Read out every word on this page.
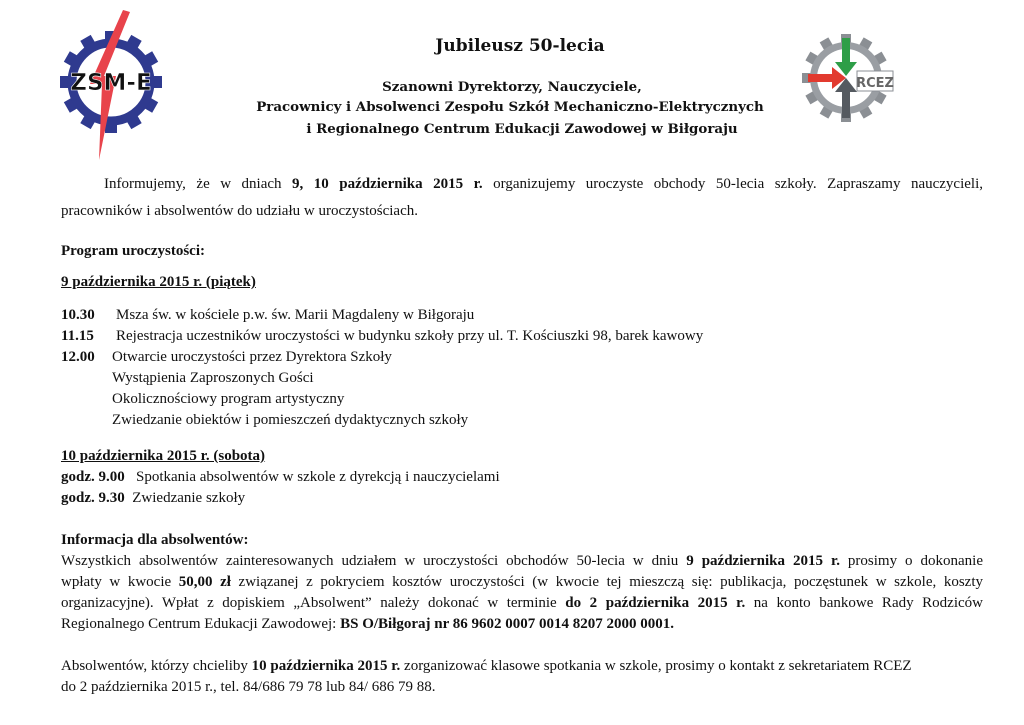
ZSM-E	RCEZ
Jubileusz 50-lecia
Szanowni Dyrektorzy, Nauczyciele,
Pracownicy i Absolwenci Zespołu Szkół Mechaniczno-Elektrycznych
i Regionalnego Centrum Edukacji Zawodowej w Biłgoraju
Informujemy, że w dniach 9, 10 października 2015 r. organizujemy uroczyste obchody 50-lecia szkoły. Zapraszamy nauczycieli,
pracowników i absolwentów do udziału w uroczystościach.
Program uroczystości:
9 października 2015 r. (piątek)
10.30 Msza św. w kościele p.w. św. Marii Magdaleny w Biłgoraju
11.15 Rejestracja uczestników uroczystości w budynku szkoły przy ul. T. Kościuszki 98, barek kawowy
12.00 Otwarcie uroczystości przez Dyrektora Szkoły
Wystąpienia Zaproszonych Gości
Okolicznościowy program artystyczny
Zwiedzanie obiektów i pomieszczeń dydaktycznych szkoły
10 października 2015 r. (sobota)
godz. 9.00 Spotkania absolwentów w szkole z dyrekcją i nauczycielami
godz. 9.30 Zwiedzanie szkoły
Informacja dla absolwentów:
Wszystkich absolwentów zainteresowanych udziałem w uroczystości obchodów 50-lecia w dniu 9 października 2015 r. prosimy o dokonanie
wpłaty w kwocie 50,00 zł związanej z pokryciem kosztów uroczystości (w kwocie tej mieszczą się: publikacja, poczęstunek w szkole, koszty
organizacyjne). Wpłat z dopiskiem „Absolwent” należy dokonać w terminie do 2 października 2015 r. na konto bankowe Rady Rodziców
Regionalnego Centrum Edukacji Zawodowej: BS O/Biłgoraj nr 86 9602 0007 0014 8207 2000 0001.
Absolwentów, którzy chcieliby 10 października 2015 r. zorganizować klasowe spotkania w szkole, prosimy o kontakt z sekretariatem RCEZ
do 2 października 2015 r., tel. 84/686 79 78 lub 84/ 686 79 88.
